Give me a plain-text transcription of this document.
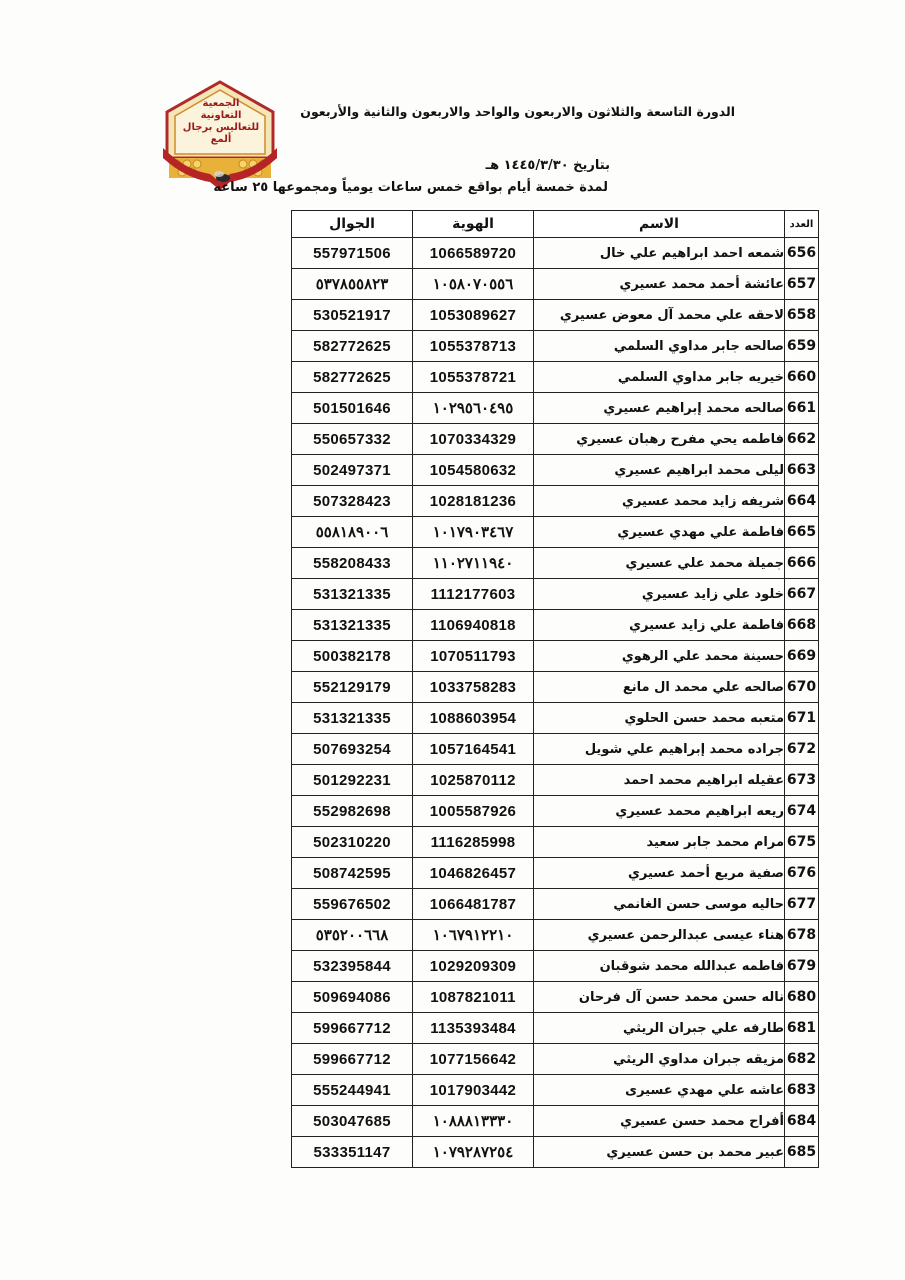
الجمعية التعاونية للتعاليس برجال ألمع
الدورة التاسعة والثلاثون والاربعون والواحد والاربعون والثانية والأربعون
بتاريخ ١٤٤٥/٣/٣٠ هـ
لمدة خمسة أيام بواقع خمس ساعات يومياً ومجموعها ٢٥ ساعه
العدد	الاسم	الهوية	الجوال
656	شمعه احمد ابراهيم علي خال	1066589720	557971506
657	عائشة أحمد محمد عسيري	١٠٥٨٠٧٠٥٥٦	٥٣٧٨٥٥٨٢٣
658	لاحقه علي محمد آل معوض عسيري	1053089627	530521917
659	صالحه جابر مداوي السلمي	1055378713	582772625
660	خيريه جابر مداوي السلمي	1055378721	582772625
661	صالحه محمد إبراهيم عسيري	١٠٢٩٥٦٠٤٩٥	501501646
662	فاطمه يحي مفرح رهبان عسيري	1070334329	550657332
663	ليلى محمد ابراهيم عسيري	1054580632	502497371
664	شريفه زايد محمد عسيري	1028181236	507328423
665	فاطمة علي مهدي عسيري	١٠١٧٩٠٣٤٦٧	٥٥٨١٨٩٠٠٦
666	جميلة محمد علي عسيري	١١٠٢٧١١٩٤٠	558208433
667	خلود علي زايد عسيري	1112177603	531321335
668	فاطمة علي زايد عسيري	1106940818	531321335
669	حسينة محمد علي الرهوي	1070511793	500382178
670	صالحه علي محمد ال مانع	1033758283	552129179
671	متعبه محمد حسن الحلوي	1088603954	531321335
672	جراده محمد إبراهيم علي شويل	1057164541	507693254
673	عقيله ابراهيم محمد احمد	1025870112	501292231
674	ريعه ابراهيم محمد عسيري	1005587926	552982698
675	مرام محمد جابر سعيد	1116285998	502310220
676	صفية مريع أحمد عسيري	1046826457	508742595
677	حاليه موسى حسن الغانمي	1066481787	559676502
678	هناء عيسى عبدالرحمن عسيري	١٠٦٧٩١٢٢١٠	٥٣٥٢٠٠٦٦٨
679	فاطمه عبدالله محمد شوقبان	1029209309	532395844
680	ناله حسن محمد حسن آل فرحان	1087821011	509694086
681	طارفه علي جبران الريثي	1135393484	599667712
682	مزيقه جبران مداوي الريثي	1077156642	599667712
683	عاشه علي مهدي عسيرى	1017903442	555244941
684	أفراح محمد حسن عسيري	١٠٨٨٨١٣٣٣٠	503047685
685	عبير محمد بن حسن عسيري	١٠٧٩٢٨٧٢٥٤	533351147
